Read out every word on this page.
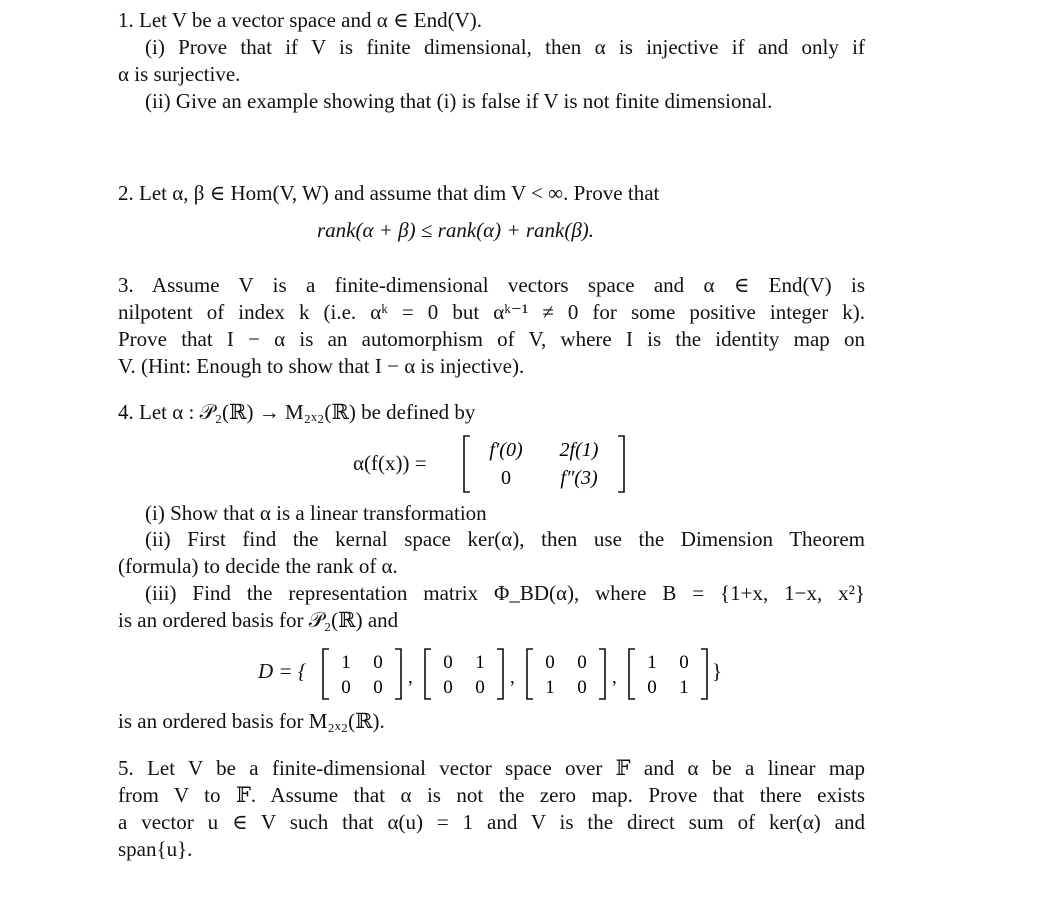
1. Let V be a vector space and α ∈ End(V).
(i) Prove that if V is finite dimensional, then α is injective if and only if
α is surjective.
(ii) Give an example showing that (i) is false if V is not finite dimensional.
2. Let α, β ∈ Hom(V, W) and assume that dim V < ∞. Prove that
rank(α + β) ≤ rank(α) + rank(β).
3. Assume V is a finite-dimensional vectors space and α ∈ End(V) is
nilpotent of index k (i.e. αᵏ = 0 but αᵏ⁻¹ ≠ 0 for some positive integer k).
Prove that I − α is an automorphism of V, where I is the identity map on
V. (Hint: Enough to show that I − α is injective).
4. Let α : 𝒫₂(ℝ) → M₂ₓ₂(ℝ) be defined by
α(f(x)) =
f′(0) 2f(1)
0 f″(3)
(i) Show that α is a linear transformation
(ii) First find the kernal space ker(α), then use the Dimension Theorem
(formula) to decide the rank of α.
(iii) Find the representation matrix Φ_BD(α), where B = {1+x, 1−x, x²}
is an ordered basis for 𝒫₂(ℝ) and
D = { 1 0
0 0 ,
0 1
0 0 ,
0 0
1 0 ,
1 0
0 1
}
is an ordered basis for M₂ₓ₂(ℝ).
5. Let V be a finite-dimensional vector space over 𝔽 and α be a linear map
from V to 𝔽. Assume that α is not the zero map. Prove that there exists
a vector u ∈ V such that α(u) = 1 and V is the direct sum of ker(α) and
span{u}.
